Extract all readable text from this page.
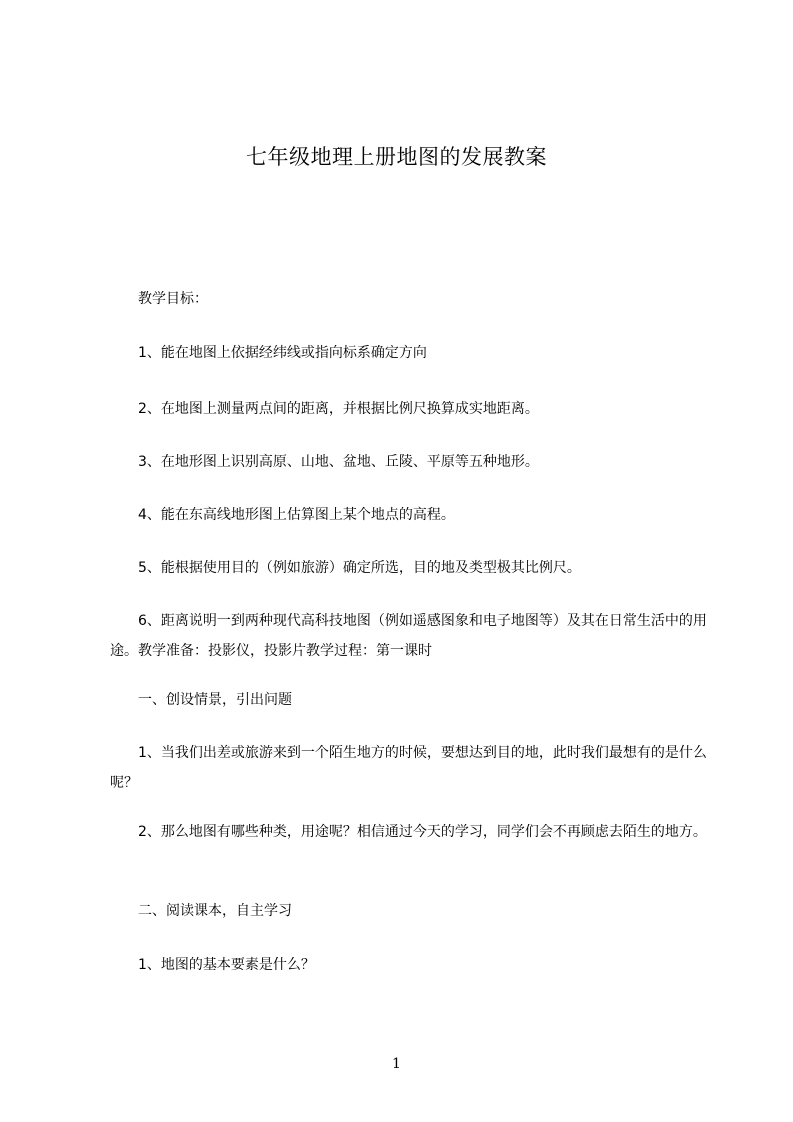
七年级地理上册地图的发展教案
　　教学目标：
　　1、能在地图上依据经纬线或指向标系确定方向
　　2、在地图上测量两点间的距离，并根据比例尺换算成实地距离。
　　3、在地形图上识别高原、山地、盆地、丘陵、平原等五种地形。
　　4、能在东高线地形图上估算图上某个地点的高程。
　　5、能根据使用目的（例如旅游）确定所选，目的地及类型极其比例尺。
　　6、距离说明一到两种现代高科技地图（例如遥感图象和电子地图等）及其在日常生活中的用途。教学准备：投影仪，投影片教学过程：第一课时
　　一、创设情景，引出问题
　　1、当我们出差或旅游来到一个陌生地方的时候，要想达到目的地，此时我们最想有的是什么呢？
　　2、那么地图有哪些种类，用途呢？相信通过今天的学习，同学们会不再顾虑去陌生的地方。
　　二、阅读课本，自主学习
　　1、地图的基本要素是什么？
1
